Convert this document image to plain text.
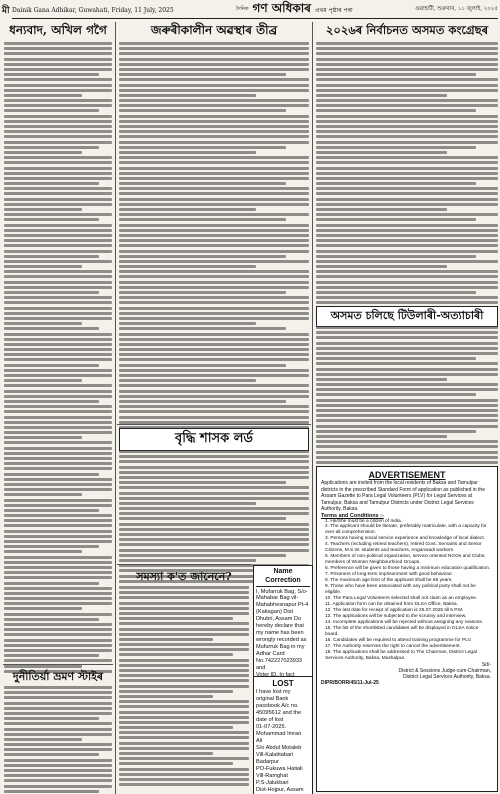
মী Dainik Gana Adhikar, Guwahati, Friday, 11 July, 2025	দৈনিক গণ অধিকাৰ প্ৰথম পৃষ্ঠাৰ পৰা	গুৱাহাটী, শুক্ৰবাৰ, ১১ জুলাই, ২০২৫
ধন্যবাদ, অখিল গগৈ
দুনীতিৰ্য়া ভ্ৰমণ স্টাইৰ
জৰুৰীকালীন অৱস্থাৰ তীব্ৰ
বৃদ্ধি শাসক লৰ্ড
সমস্যা ক'ত জানেনে?	Name Correction
I, Mufarruk Bag, S/o-
Mahabar Bag vil-
Mahabhesnapur Pt-4
(Katiagan) Dist
Dhubri, Assam Do
hereby declare that
my name has been
wrongly recorded as
Mufurruk Bag in my
Adhar Card
No.742227023933 and
LOST
I have lost my
original Bank
passbook A/c no.
45095612 and the
date of lost
01-07-2025.
Mohammad Imran
Ali
S/o Abdul Motaleb
Vill-Kalatitabari
Badarpur
PO-Fukuwa Hatiali
Vill-Ramghat
P.S-Jalukbari
Dist-Hojpur, Assam
২০২৬ৰ নিৰ্বাচনত অসমত কংগ্ৰেছৰ
অসমত চলিছে টিউলাৰী-অত্যাচাৰী
ADVERTISEMENT
Applications are invited from the local residents of Baksa and Tamulpur districts in the prescribed Standard Form of application as published in the Assam Gazette to Para Legal Volunteers (PLV) for Legal Services at Tamulpur, Baksa and Tamulpur Districts under District Legal Services Authority, Baksa.
Terms and Conditions :-
1. He/She must be a citizen of India.
2. The applicant should be literate, preferably matriculate, with a capacity for over all comprehension.
3. Persons having social service experience and knowledge of local dialect.
4. Teachers (including retired teachers), retired Govt. Servants and Senior Citizens, M.S.W. students and teachers, Anganwadi workers.
5. Members of non-political organization, service oriented NGOs and Clubs, members of Women Neighbourhood Groups.
6. Preference will be given to those having a minimum education qualification.
7. Prisoners of long-term imprisonment with good behaviour.
8. The maximum age limit of the applicant shall be 65 years.
9. Those who have been associated with any political party shall not be eligible.
10. The Para Legal Volunteers selected shall not claim as an employee.
11. Application form can be obtained from DLSA Office, Baksa.
12. The last date for receipt of application is 25.07.2025 till 5 P.M.
13. The applications will be subjected to the scrutiny and interview.
14. Incomplete applications will be rejected without assigning any reasons.
15. The list of the shortlisted candidates will be displayed in DLSA notice board.
16. Candidates will be required to attend training programme for PLV.
17. The Authority reserves the right to cancel the advertisement.
18. The applications shall be addressed to The Chairman, District Legal Services Authority, Baksa, Mushalpur.
Sd/-
District & Sessions Judge-cum-Chairman,
District Legal Services Authority, Baksa.
DIPR/BORR/45/11-Jul-25
